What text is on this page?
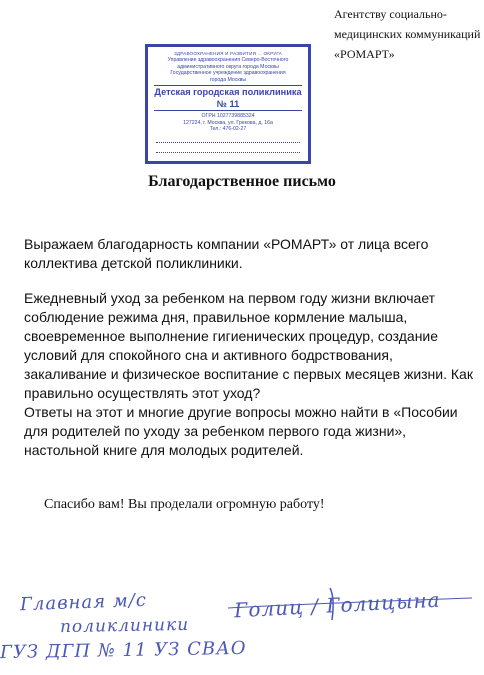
Агентству социально-
медицинских коммуникаций
«РОМАРТ»
ЗДРАВООХРАНЕНИЯ И РАЗВИТИЯ ... ОКРУГА
Управление здравоохранения Северо-Восточного
административного округа города Москвы
Государственное учреждение здравоохранения
города Москвы
Детская городская поликлиника № 11
ОГРН 1027739885324
127224, г. Москва, ул. Грекова, д. 16а
Тел.: 476-02-27
Благодарственное письмо
Выражаем благодарность компании «РОМАРТ» от лица всего коллектива детской поликлиники.
Ежедневный уход за ребенком на первом году жизни включает соблюдение режима дня, правильное кормление малыша, своевременное выполнение гигиенических процедур, создание условий для спокойного сна и активного бодрствования, закаливание и физическое воспитание с первых месяцев жизни. Как правильно осуществлять этот уход?
Ответы на этот и многие другие вопросы можно найти в «Пособии для родителей по уходу за ребенком первого года жизни», настольной книге для молодых родителей.
Спасибо вам! Вы проделали огромную работу!
Главная м/с
поликлиники
ГУЗ ДГП № 11 УЗ СВАО
Голиц / Голицына
